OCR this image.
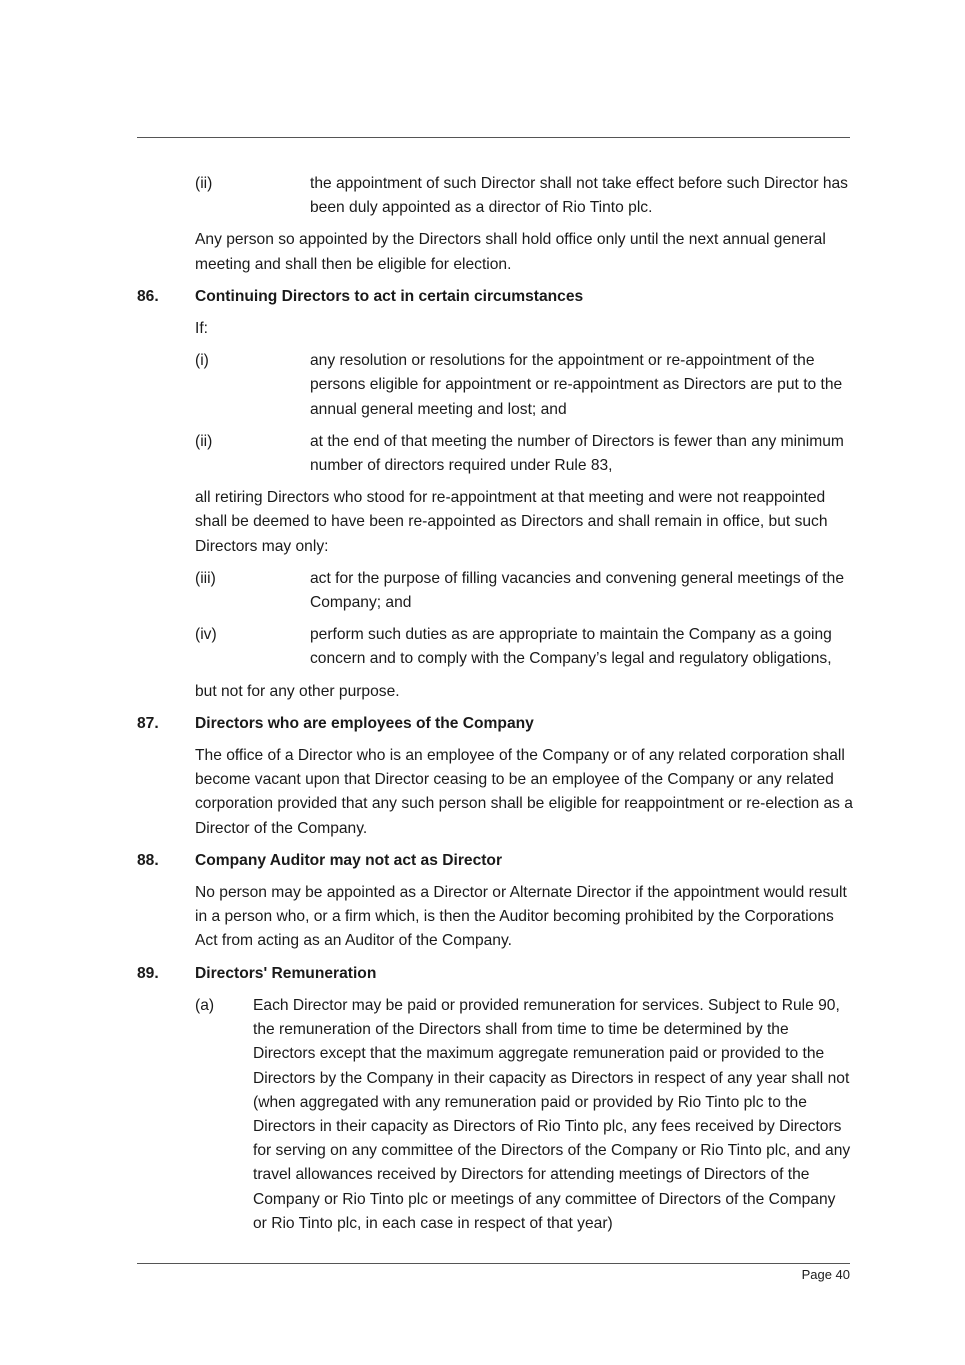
(ii)	the appointment of such Director shall not take effect before such Director has been duly appointed as a director of Rio Tinto plc.

Any person so appointed by the Directors shall hold office only until the next annual general meeting and shall then be eligible for election.

86.	Continuing Directors to act in certain circumstances

If:

(i)	any resolution or resolutions for the appointment or re-appointment of the persons eligible for appointment or re-appointment as Directors are put to the annual general meeting and lost; and
(ii)	at the end of that meeting the number of Directors is fewer than any minimum number of directors required under Rule 83,

all retiring Directors who stood for re-appointment at that meeting and were not reappointed shall be deemed to have been re-appointed as Directors and shall remain in office, but such Directors may only:

(iii)	act for the purpose of filling vacancies and convening general meetings of the Company; and
(iv)	perform such duties as are appropriate to maintain the Company as a going concern and to comply with the Company’s legal and regulatory obligations,

but not for any other purpose.

87.	Directors who are employees of the Company

The office of a Director who is an employee of the Company or of any related corporation shall become vacant upon that Director ceasing to be an employee of the Company or any related corporation provided that any such person shall be eligible for reappointment or re-election as a Director of the Company.

88.	Company Auditor may not act as Director

No person may be appointed as a Director or Alternate Director if the appointment would result in a person who, or a firm which, is then the Auditor becoming prohibited by the Corporations Act from acting as an Auditor of the Company.

89.	Directors' Remuneration
(a)	Each Director may be paid or provided remuneration for services. Subject to Rule 90, the remuneration of the Directors shall from time to time be determined by the Directors except that the maximum aggregate remuneration paid or provided to the Directors by the Company in their capacity as Directors in respect of any year shall not (when aggregated with any remuneration paid or provided by Rio Tinto plc to the Directors in their capacity as Directors of Rio Tinto plc, any fees received by Directors for serving on any committee of the Directors of the Company or Rio Tinto plc, and any travel allowances received by Directors for attending meetings of Directors of the Company or Rio Tinto plc or meetings of any committee of Directors of the Company or Rio Tinto plc, in each case in respect of that year)
Page 40
